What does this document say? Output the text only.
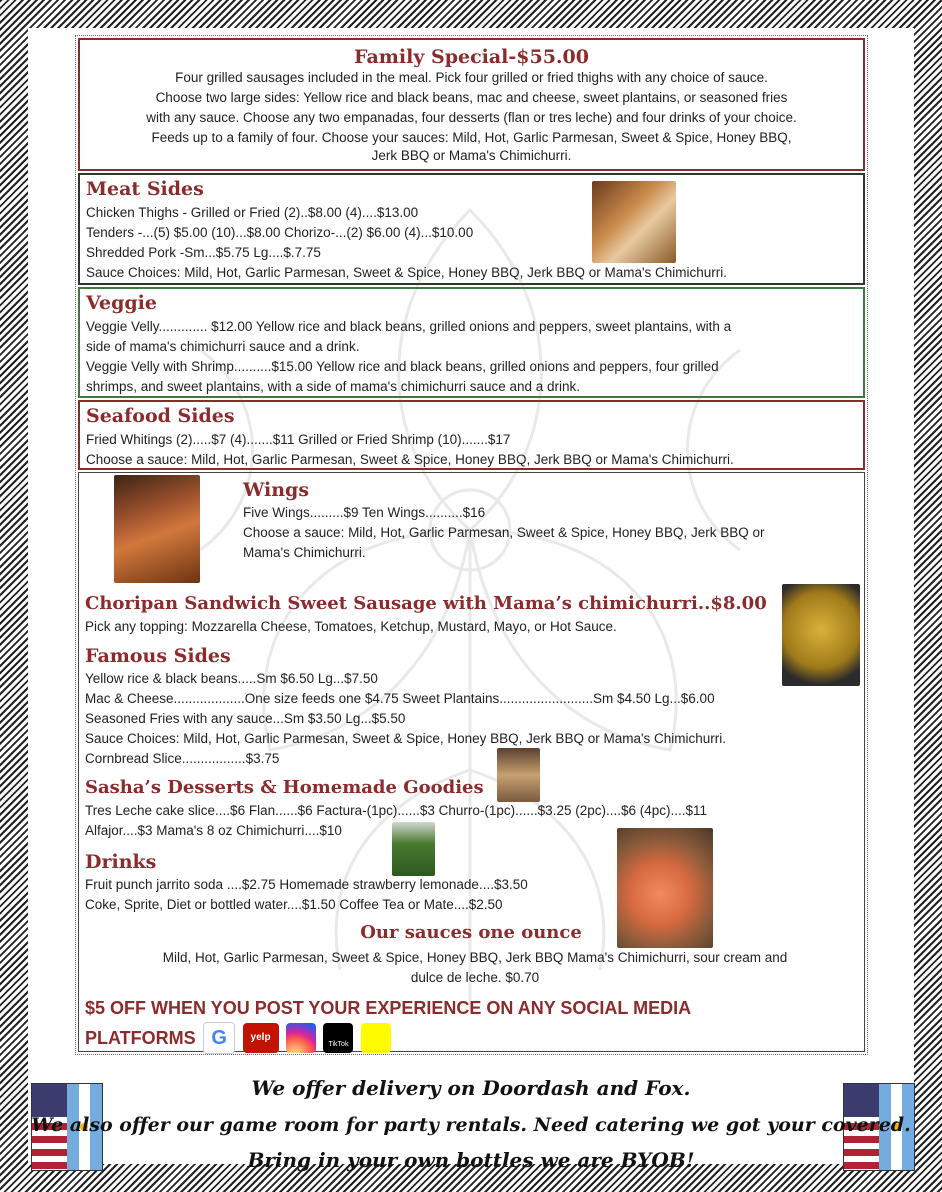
Family Special-$55.00
Four grilled sausages included in the meal. Pick four grilled or fried thighs with any choice of sauce.
Choose two large sides: Yellow rice and black beans, mac and cheese, sweet plantains, or seasoned fries
with any sauce. Choose any two empanadas, four desserts (flan or tres leche) and four drinks of your choice.
Feeds up to a family of four. Choose your sauces: Mild, Hot, Garlic Parmesan, Sweet & Spice, Honey BBQ,
Jerk BBQ or Mama's Chimichurri.
Meat Sides
Chicken Thighs - Grilled or Fried (2)..$8.00 (4)....$13.00
Tenders -...(5) $5.00 (10)...$8.00 Chorizo-...(2) $6.00 (4)...$10.00
Shredded Pork -Sm...$5.75 Lg....$.7.75
Sauce Choices: Mild, Hot, Garlic Parmesan, Sweet & Spice, Honey BBQ, Jerk BBQ or Mama's Chimichurri.
Veggie
Veggie Velly............. $12.00 Yellow rice and black beans, grilled onions and peppers, sweet plantains, with a
side of mama's chimichurri sauce and a drink.
Veggie Velly with Shrimp..........$15.00 Yellow rice and black beans, grilled onions and peppers, four grilled
shrimps, and sweet plantains, with a side of mama's chimichurri sauce and a drink.
Seafood Sides
Fried Whitings (2).....$7 (4).......$11 Grilled or Fried Shrimp (10).......$17
Choose a sauce: Mild, Hot, Garlic Parmesan, Sweet & Spice, Honey BBQ, Jerk BBQ or Mama's Chimichurri.
Wings
Five Wings.........$9 Ten Wings..........$16
Choose a sauce: Mild, Hot, Garlic Parmesan, Sweet & Spice, Honey BBQ, Jerk BBQ or
Mama's Chimichurri.
Choripan Sandwich Sweet Sausage with Mama’s chimichurri..$8.00
Pick any topping: Mozzarella Cheese, Tomatoes, Ketchup, Mustard, Mayo, or Hot Sauce.
Famous Sides
Yellow rice & black beans.....Sm $6.50 Lg...$7.50
Mac & Cheese...................One size feeds one $4.75 Sweet Plantains.........................Sm $4.50 Lg...$6.00
Seasoned Fries with any sauce...Sm $3.50 Lg...$5.50
Sauce Choices: Mild, Hot, Garlic Parmesan, Sweet & Spice, Honey BBQ, Jerk BBQ or Mama's Chimichurri.
Cornbread Slice.................$3.75
Sasha’s Desserts & Homemade Goodies
Tres Leche cake slice....$6 Flan......$6 Factura-(1pc)......$3 Churro-(1pc)......$3.25 (2pc)....$6 (4pc)....$11
Alfajor....$3 Mama's 8 oz Chimichurri....$10
Drinks
Fruit punch jarrito soda ....$2.75 Homemade strawberry lemonade....$3.50
Coke, Sprite, Diet or bottled water....$1.50 Coffee Tea or Mate....$2.50
Our sauces one ounce
Mild, Hot, Garlic Parmesan, Sweet & Spice, Honey BBQ, Jerk BBQ Mama's Chimichurri, sour cream and
dulce de leche. $0.70
$5 OFF WHEN YOU POST YOUR EXPERIENCE ON ANY SOCIAL MEDIA
PLATFORMS G yelp  TikTok
We offer delivery on Doordash and Fox.
We also offer our game room for party rentals. Need catering we got your covered.
Bring in your own bottles we are BYOB!
